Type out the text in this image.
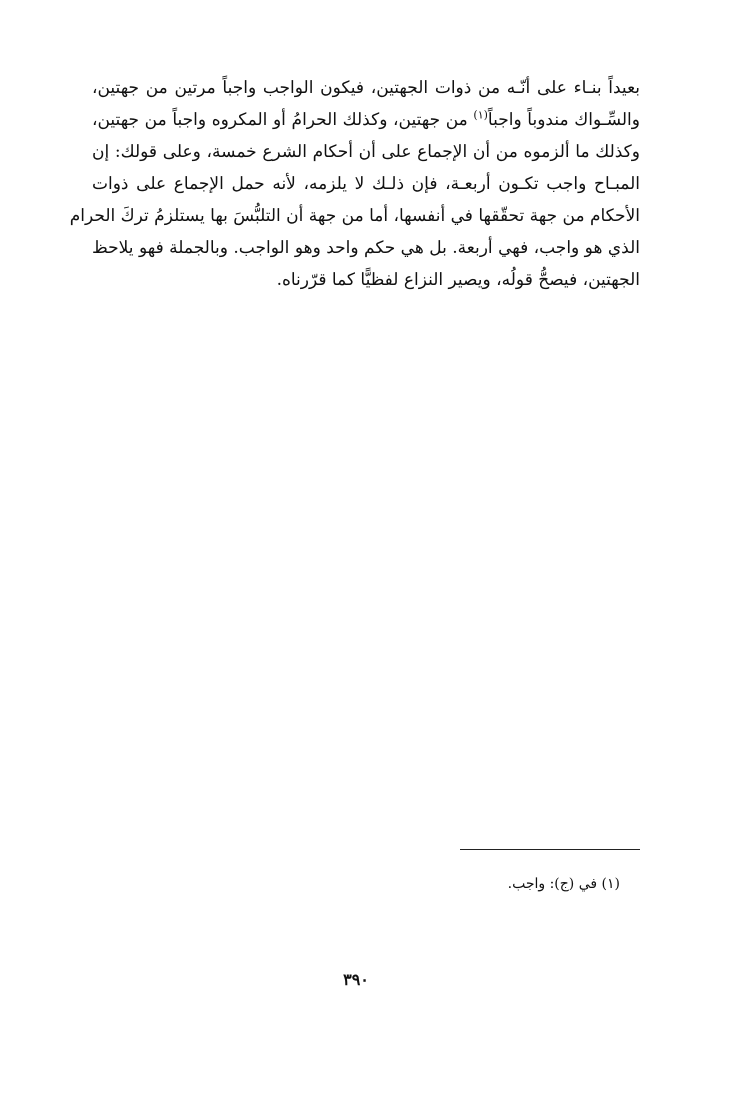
بعيداً بنـاء على أنّـه من ذوات الجهتين، فيكون الواجب واجباً مرتين من جهتين،
والسِّـواك مندوباً واجباً$^{(١)}$ من جهتين، وكذلك الحرامُ أو المكروه واجباً من جهتين،
وكذلك ما ألزموه من أن الإجماع على أن أحكام الشرع خمسة، وعلى قولك: إن
المبـاح واجب تكـون أربعـة، فإن ذلـك لا يلزمه، لأنه حمل الإجماع على ذوات
الأحكام من جهة تحقّقها في أنفسها، أما من جهة أن التلبُّسَ بها يستلزمُ تركَ الحرام
الذي هو واجب، فهي أربعة. بل هي حكم واحد وهو الواجب. وبالجملة فهو يلاحظ
الجهتين، فيصحُّ قولُه، ويصير النزاع لفظيًّا كما قرّرناه.
(١) في (ج): واجب.
٣٩٠
